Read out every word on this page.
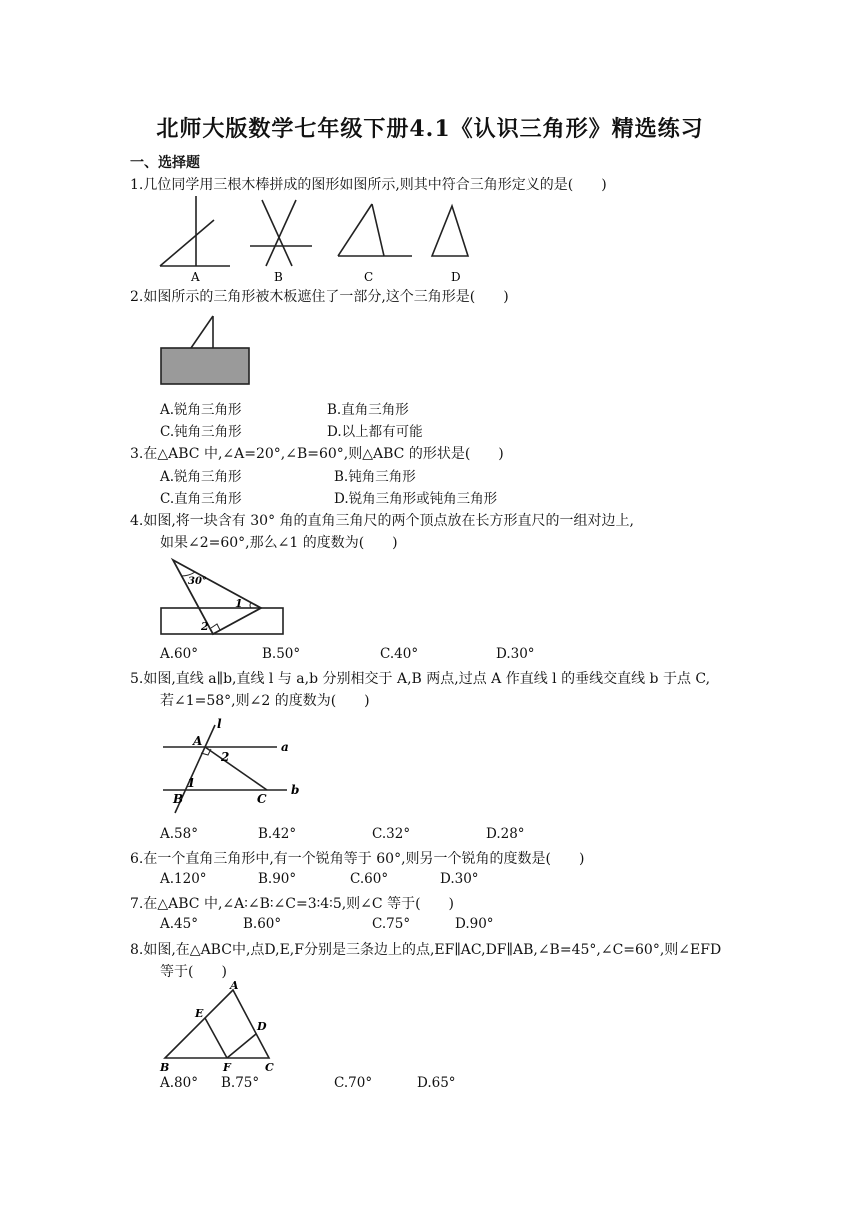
北师大版数学七年级下册4.1《认识三角形》精选练习
一、选择题
1.几位同学用三根木棒拼成的图形如图所示,则其中符合三角形定义的是(　　)
A	B	C	D
2.如图所示的三角形被木板遮住了一部分,这个三角形是(　　)
A.锐角三角形	B.直角三角形
C.钝角三角形	D.以上都有可能
3.在△ABC 中,∠A=20°,∠B=60°,则△ABC 的形状是(　　)
A.锐角三角形	B.钝角三角形
C.直角三角形	D.锐角三角形或钝角三角形
4.如图,将一块含有 30° 角的直角三角尺的两个顶点放在长方形直尺的一组对边上,
如果∠2=60°,那么∠1 的度数为(　　)
30°
1
2
A.60°	B.50°	C.40°	D.30°
5.如图,直线 a∥b,直线 l 与 a,b 分别相交于 A,B 两点,过点 A 作直线 l 的垂线交直线 b 于点 C,
若∠1=58°,则∠2 的度数为(　　)
l
A
2
a
1	b
B	C
A.58°	B.42°	C.32°	D.28°
6.在一个直角三角形中,有一个锐角等于 60°,则另一个锐角的度数是(　　)
A.120°	B.90°	C.60°	D.30°
7.在△ABC 中,∠A∶∠B∶∠C=3∶4∶5,则∠C 等于(　　)
A.45°	B.60°	C.75°	D.90°
8.如图,在△ABC中,点D,E,F分别是三条边上的点,EF∥AC,DF∥AB,∠B=45°,∠C=60°,则∠EFD
等于(　　)
A
E
D
B	F	C
A.80° B.75°	C.70°	D.65°
